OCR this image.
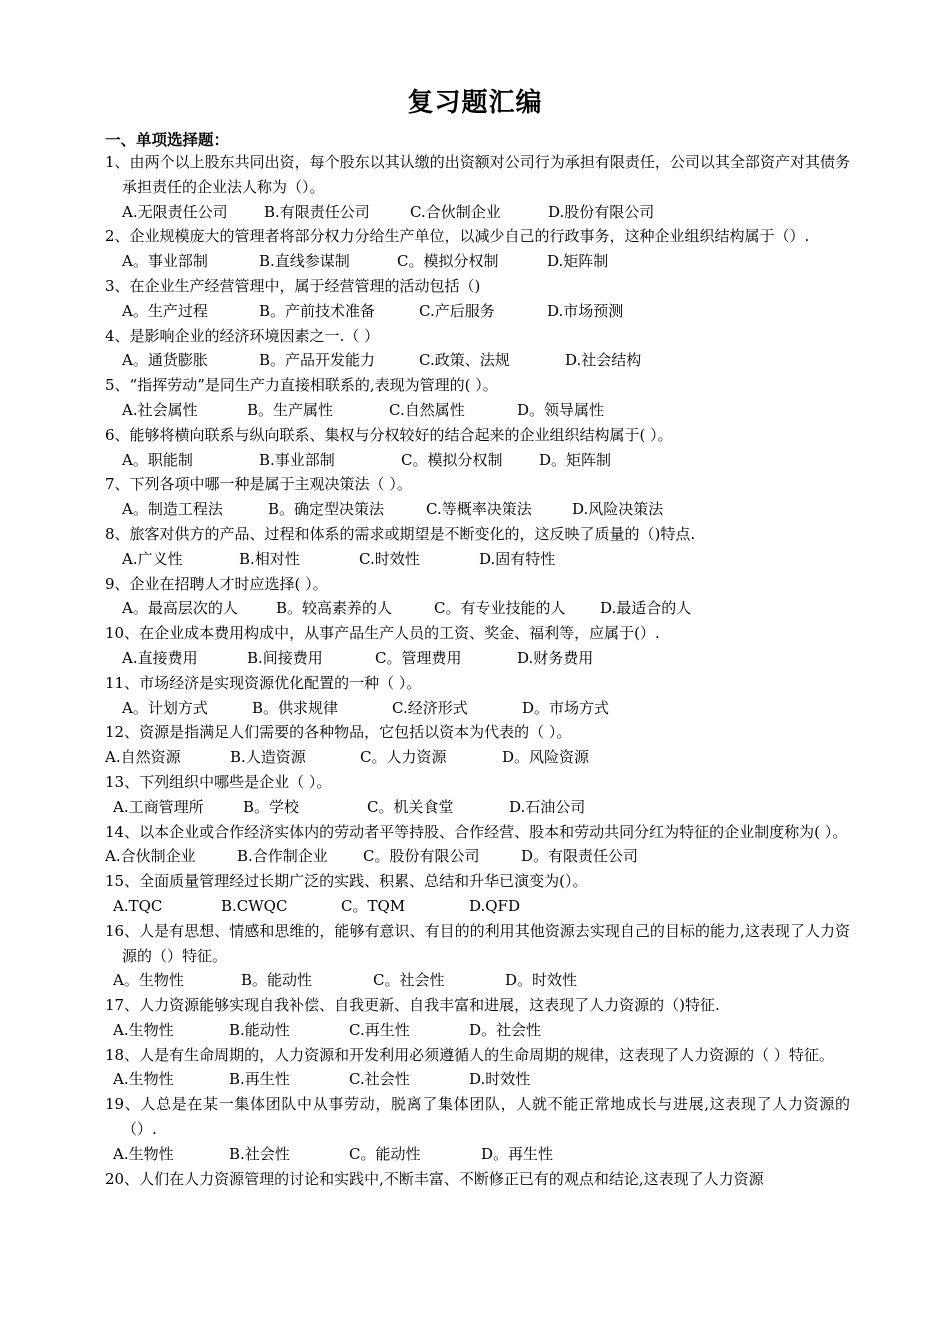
复习题汇编
一、单项选择题：
1、由两个以上股东共同出资，每个股东以其认缴的出资额对公司行为承担有限责任，公司以其全部资产对其债务承担责任的企业法人称为（）。
A.无限责任公司	B.有限责任公司	C.合伙制企业	D.股份有限公司
2、企业规模庞大的管理者将部分权力分给生产单位，以减少自己的行政事务，这种企业组织结构属于（）.
A。事业部制	B.直线参谋制	C。模拟分权制	D.矩阵制
3、在企业生产经营管理中，属于经营管理的活动包括（)
A。生产过程	B。产前技术准备	C.产后服务	D.市场预测
4、是影响企业的经济环境因素之一.（ ）
A。通货膨胀	B。产品开发能力	C.政策、法规	D.社会结构
5、“指挥劳动”是同生产力直接相联系的,表现为管理的( ）。
A.社会属性	B。生产属性	C.自然属性	D。领导属性
6、能够将横向联系与纵向联系、集权与分权较好的结合起来的企业组织结构属于( ）。
A。职能制	B.事业部制	C。模拟分权制	D。矩阵制
7、下列各项中哪一种是属于主观决策法（ ）。
A。制造工程法	B。确定型决策法	C.等概率决策法	D.风险决策法
8、旅客对供方的产品、过程和体系的需求或期望是不断变化的，这反映了质量的（)特点.
A.广义性	B.相对性	C.时效性	D.固有特性
9、企业在招聘人才时应选择( ）。
A。最高层次的人	B。较高素养的人	C。有专业技能的人	D.最适合的人
10、在企业成本费用构成中，从事产品生产人员的工资、奖金、福利等，应属于(）.
A.直接费用	B.间接费用	C。管理费用	D.财务费用
11、市场经济是实现资源优化配置的一种（ ）。
A。计划方式	B。供求规律	C.经济形式	D。市场方式
12、资源是指满足人们需要的各种物品，它包括以资本为代表的（ ）。
A.自然资源	B.人造资源	C。人力资源	D。风险资源
13、下列组织中哪些是企业（ ）。
A.工商管理所	B。学校	C。机关食堂	D.石油公司
14、以本企业或合作经济实体内的劳动者平等持股、合作经营、股本和劳动共同分红为特征的企业制度称为( ）。
A.合伙制企业	B.合作制企业	C。股份有限公司	D。有限责任公司
15、全面质量管理经过长期广泛的实践、积累、总结和升华已演变为(）。
A.TQC	B.CWQC	C。TQM	D.QFD
16、人是有思想、情感和思维的，能够有意识、有目的的利用其他资源去实现自己的目标的能力,这表现了人力资源的（）特征。
A。生物性	B。能动性	C。社会性	D。时效性
17、人力资源能够实现自我补偿、自我更新、自我丰富和进展，这表现了人力资源的（)特征.
A.生物性	B.能动性	C.再生性	D。社会性
18、人是有生命周期的，人力资源和开发利用必须遵循人的生命周期的规律，这表现了人力资源的（ ）特征。
A.生物性	B.再生性	C.社会性	D.时效性
19、人总是在某一集体团队中从事劳动，脱离了集体团队，人就不能正常地成长与进展,这表现了人力资源的（）.
A.生物性	B.社会性	C。能动性	D。再生性
20、人们在人力资源管理的讨论和实践中,不断丰富、不断修正已有的观点和结论,这表现了人力资源
